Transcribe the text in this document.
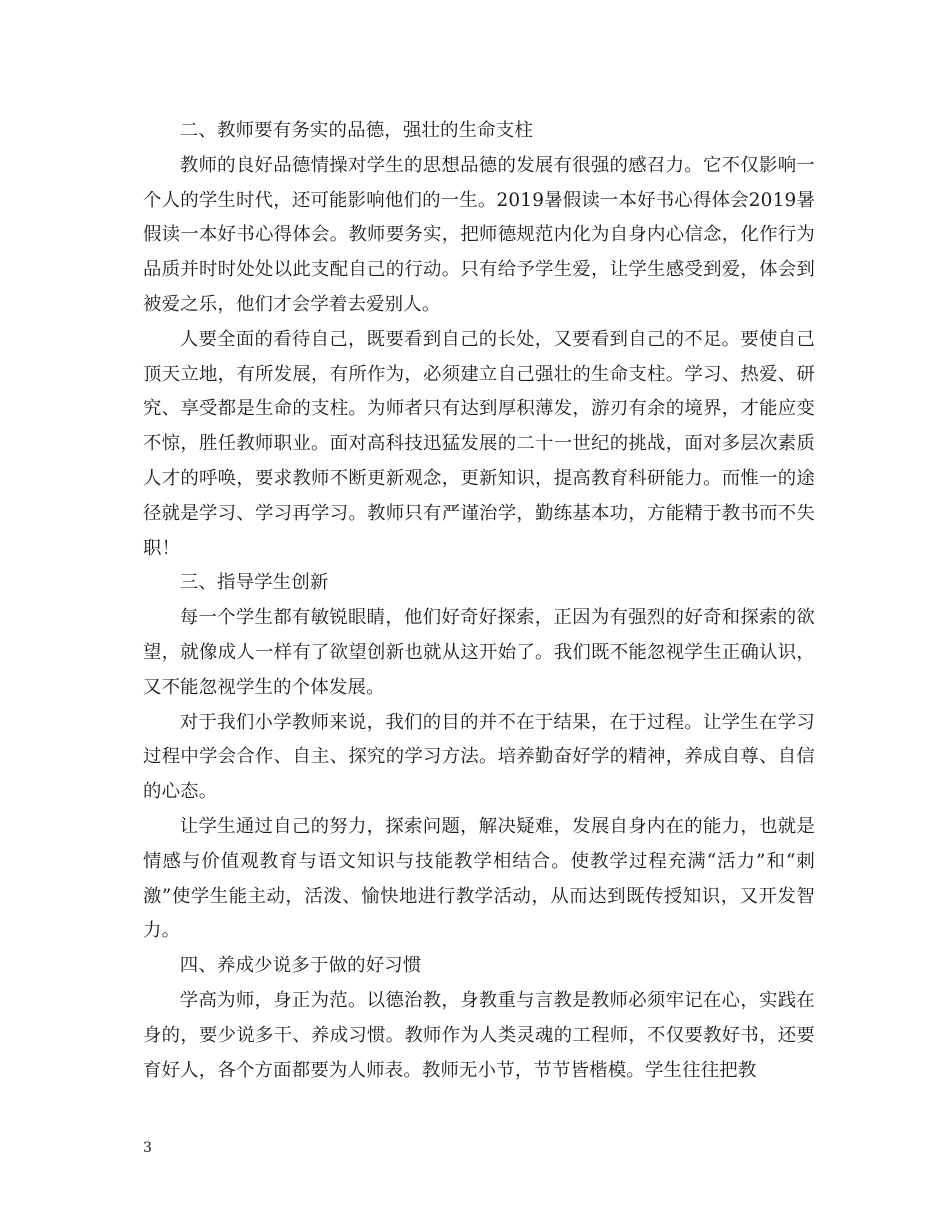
二、教师要有务实的品德，强壮的生命支柱

教师的良好品德情操对学生的思想品德的发展有很强的感召力。它不仅影响一个人的学生时代，还可能影响他们的一生。2019暑假读一本好书心得体会2019暑假读一本好书心得体会。教师要务实，把师德规范内化为自身内心信念，化作行为品质并时时处处以此支配自己的行动。只有给予学生爱，让学生感受到爱，体会到被爱之乐，他们才会学着去爱别人。

人要全面的看待自己，既要看到自己的长处，又要看到自己的不足。要使自己顶天立地，有所发展，有所作为，必须建立自己强壮的生命支柱。学习、热爱、研究、享受都是生命的支柱。为师者只有达到厚积薄发，游刃有余的境界，才能应变不惊，胜任教师职业。面对高科技迅猛发展的二十一世纪的挑战，面对多层次素质人才的呼唤，要求教师不断更新观念，更新知识，提高教育科研能力。而惟一的途径就是学习、学习再学习。教师只有严谨治学，勤练基本功，方能精于教书而不失职！

三、指导学生创新

每一个学生都有敏锐眼睛，他们好奇好探索，正因为有强烈的好奇和探索的欲望，就像成人一样有了欲望创新也就从这开始了。我们既不能忽视学生正确认识，又不能忽视学生的个体发展。

对于我们小学教师来说，我们的目的并不在于结果，在于过程。让学生在学习过程中学会合作、自主、探究的学习方法。培养勤奋好学的精神，养成自尊、自信的心态。

让学生通过自己的努力，探索问题，解决疑难，发展自身内在的能力，也就是情感与价值观教育与语文知识与技能教学相结合。使教学过程充满“活力”和“刺激”使学生能主动，活泼、愉快地进行教学活动，从而达到既传授知识，又开发智力。

四、养成少说多于做的好习惯

学高为师，身正为范。以德治教，身教重与言教是教师必须牢记在心，实践在身的，要少说多干、养成习惯。教师作为人类灵魂的工程师，不仅要教好书，还要育好人，各个方面都要为人师表。教师无小节，节节皆楷模。学生往往把教

3
